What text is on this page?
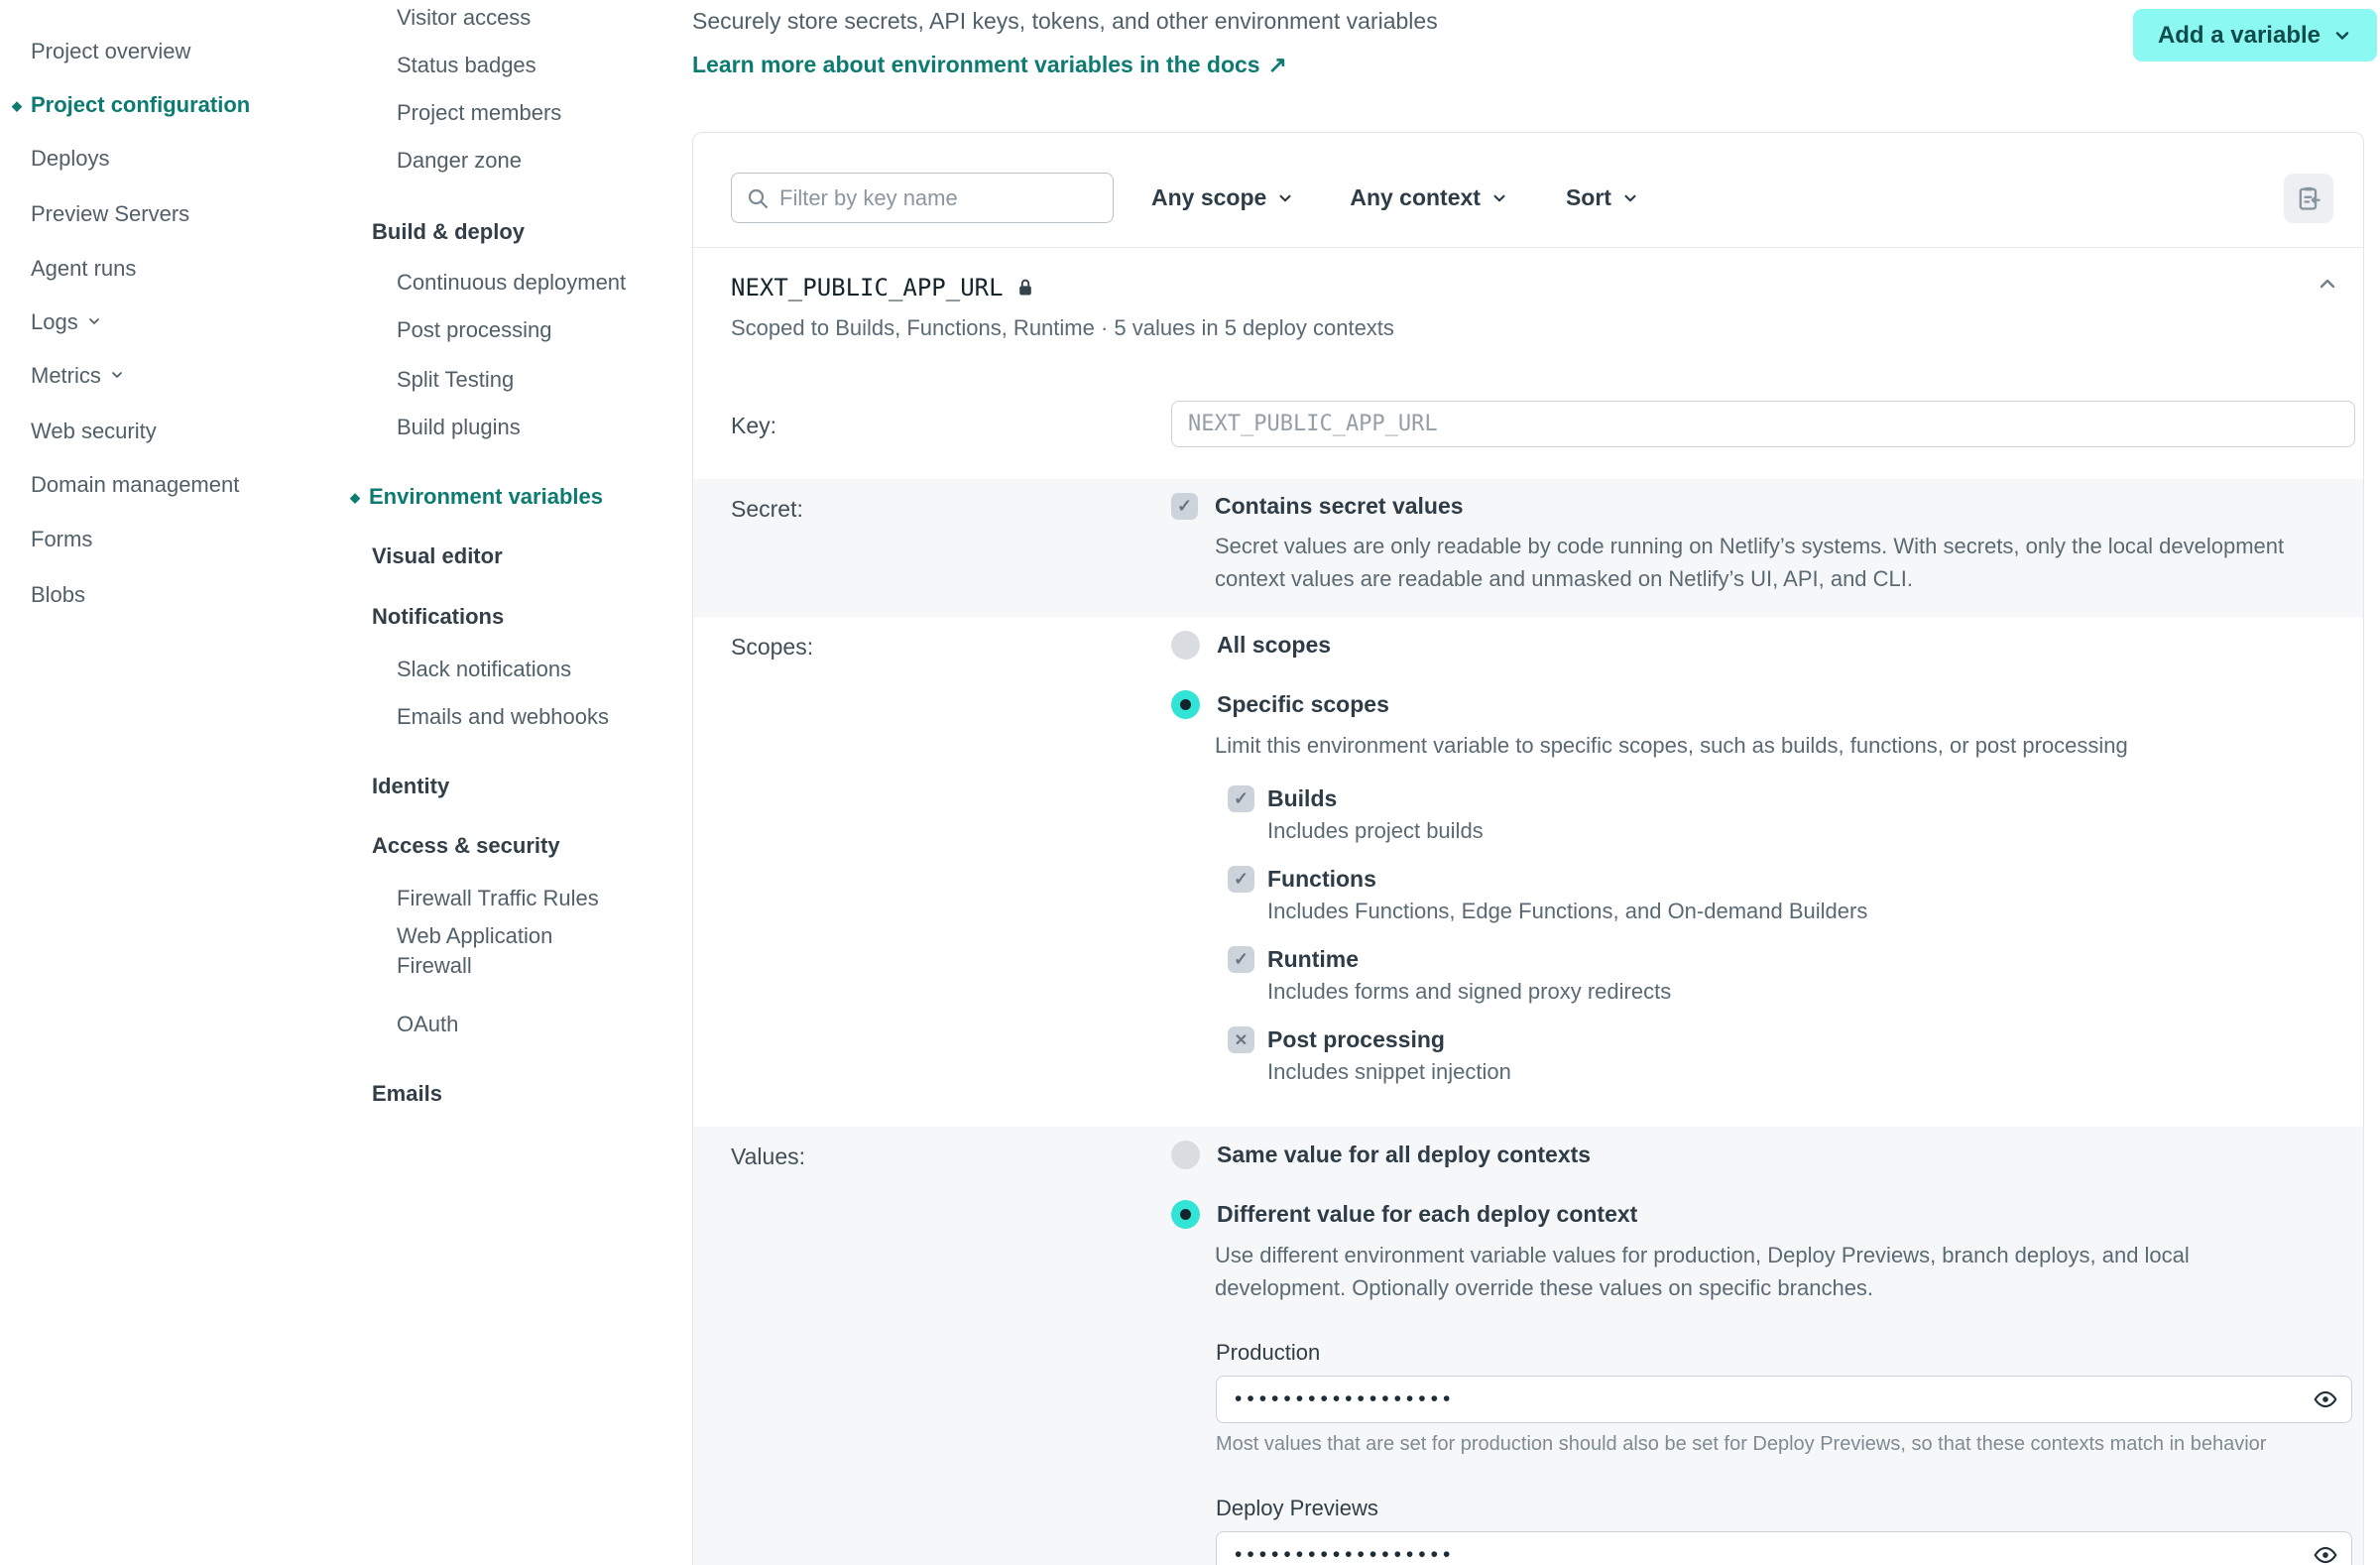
Project overview
◆ Project configuration
Deploys
Preview Servers
Agent runs
Logs
Metrics
Web security
Domain management
Forms
Blobs
Visitor access
Status badges
Project members
Danger zone
Build & deploy
Continuous deployment
Post processing
Split Testing
Build plugins
◆ Environment variables
Visual editor
Notifications
Slack notifications
Emails and webhooks
Identity
Access & security
Firewall Traffic Rules
Web Application Firewall
OAuth
Emails
Securely store secrets, API keys, tokens, and other environment variables
Learn more about environment variables in the docs ↗
Add a variable
Filter by key name
Any scope	Any context	Sort
NEXT_PUBLIC_APP_URL
Scoped to Builds, Functions, Runtime · 5 values in 5 deploy contexts
Key:
NEXT_PUBLIC_APP_URL
Secret:	✓ Contains secret values
Secret values are only readable by code running on Netlify’s systems. With secrets, only the local development context values are readable and unmasked on Netlify’s UI, API, and CLI.
Scopes:	All scopes
Specific scopes
Limit this environment variable to specific scopes, such as builds, functions, or post processing
✓ Builds
Includes project builds
✓ Functions
Includes Functions, Edge Functions, and On-demand Builders
✓ Runtime
Includes forms and signed proxy redirects
✕ Post processing
Includes snippet injection
Values:	Same value for all deploy contexts
Different value for each deploy context
Use different environment variable values for production, Deploy Previews, branch deploys, and local development. Optionally override these values on specific branches.
Production
••••••••••••••••••
Most values that are set for production should also be set for Deploy Previews, so that these contexts match in behavior
Deploy Previews
••••••••••••••••••
